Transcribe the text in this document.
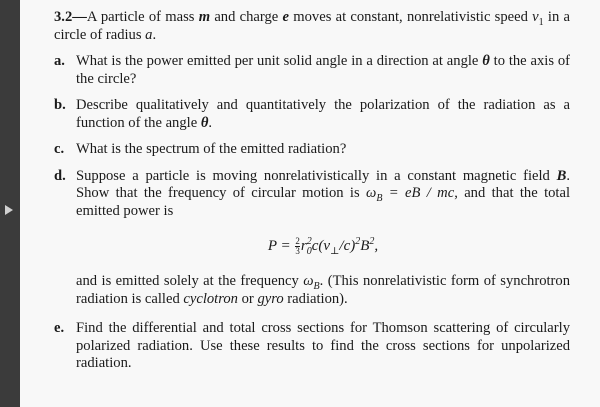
3.2—A particle of mass m and charge e moves at constant, nonrelativistic speed $v_1$ in a circle of radius a.
a. What is the power emitted per unit solid angle in a direction at angle θ to the axis of the circle?
b. Describe qualitatively and quantitatively the polarization of the radiation as a function of the angle θ.
c. What is the spectrum of the emitted radiation?
d. Suppose a particle is moving nonrelativistically in a constant magnetic field B. Show that the frequency of circular motion is $\omega_B$ = eB / mc, and that the total emitted power is
$P = \frac{2}{3} r^2_0c(v_\perp/c)^2B^2$,
and is emitted solely at the frequency $\omega_B$. (This nonrelativistic form of synchrotron radiation is called cyclotron or gyro radiation).
e. Find the differential and total cross sections for Thomson scattering of circularly polarized radiation. Use these results to find the cross sections for unpolarized radiation.
